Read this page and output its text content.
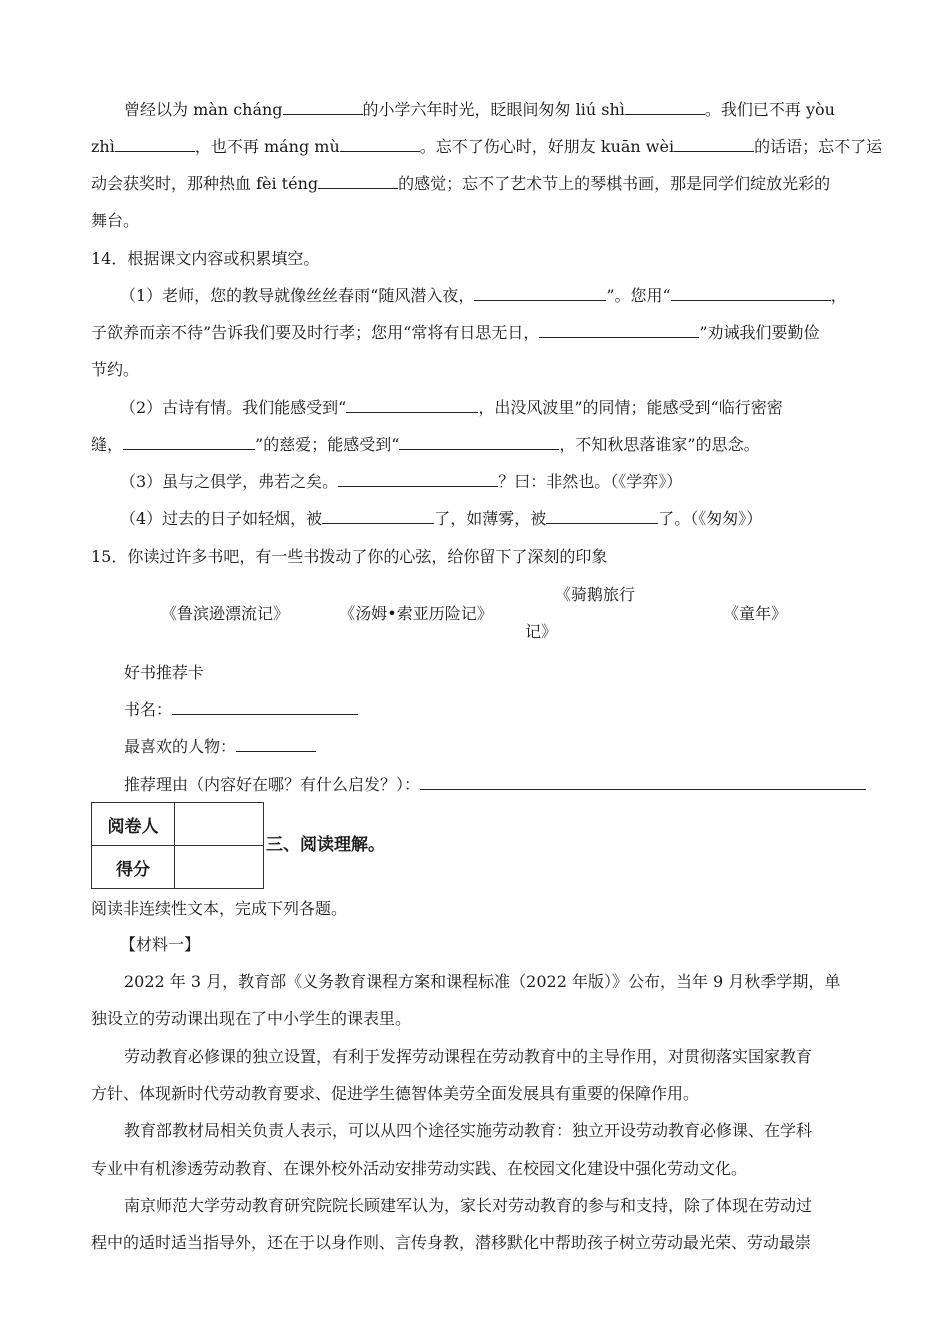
曾经以为 màn cháng	的小学六年时光，眨眼间匆匆 liú shì	。我们已不再 yòu
zhì	，也不再 máng mù	。忘不了伤心时，好朋友 kuān wèi	的话语；忘不了运
动会获奖时，那种热血 fèi téng	的感觉；忘不了艺术节上的琴棋书画，那是同学们绽放光彩的
舞台。
14．根据课文内容或积累填空。
（1）老师，您的教导就像丝丝春雨“随风潜入夜，	”。您用“	，
子欲养而亲不待”告诉我们要及时行孝；您用“常将有日思无日，	”劝诫我们要勤俭
节约。
（2）古诗有情。我们能感受到“	，出没风波里”的同情；能感受到“临行密密
缝，	”的慈爱；能感受到“	，不知秋思落谁家”的思念。
（3）虽与之俱学，弗若之矣。	？曰：非然也。（《学弈》）
（4）过去的日子如轻烟，被	了，如薄雾，被	了。（《匆匆》）
15．你读过许多书吧，有一些书拨动了你的心弦，给你留下了深刻的印象
《鲁滨逊漂流记》	《汤姆•索亚历险记》
《骑鹅旅行
记》
《童年》
好书推荐卡
书名：
最喜欢的人物：
推荐理由（内容好在哪？有什么启发？）：
阅卷人	
得分	
三、阅读理解。
阅读非连续性文本，完成下列各题。
【材料一】
2022 年 3 月，教育部《义务教育课程方案和课程标准（2022 年版）》公布，当年 9 月秋季学期，单
独设立的劳动课出现在了中小学生的课表里。
劳动教育必修课的独立设置，有利于发挥劳动课程在劳动教育中的主导作用，对贯彻落实国家教育
方针、体现新时代劳动教育要求、促进学生德智体美劳全面发展具有重要的保障作用。
教育部教材局相关负责人表示，可以从四个途径实施劳动教育：独立开设劳动教育必修课、在学科
专业中有机渗透劳动教育、在课外校外活动安排劳动实践、在校园文化建设中强化劳动文化。
南京师范大学劳动教育研究院院长顾建军认为，家长对劳动教育的参与和支持，除了体现在劳动过
程中的适时适当指导外，还在于以身作则、言传身教，潜移默化中帮助孩子树立劳动最光荣、劳动最崇
